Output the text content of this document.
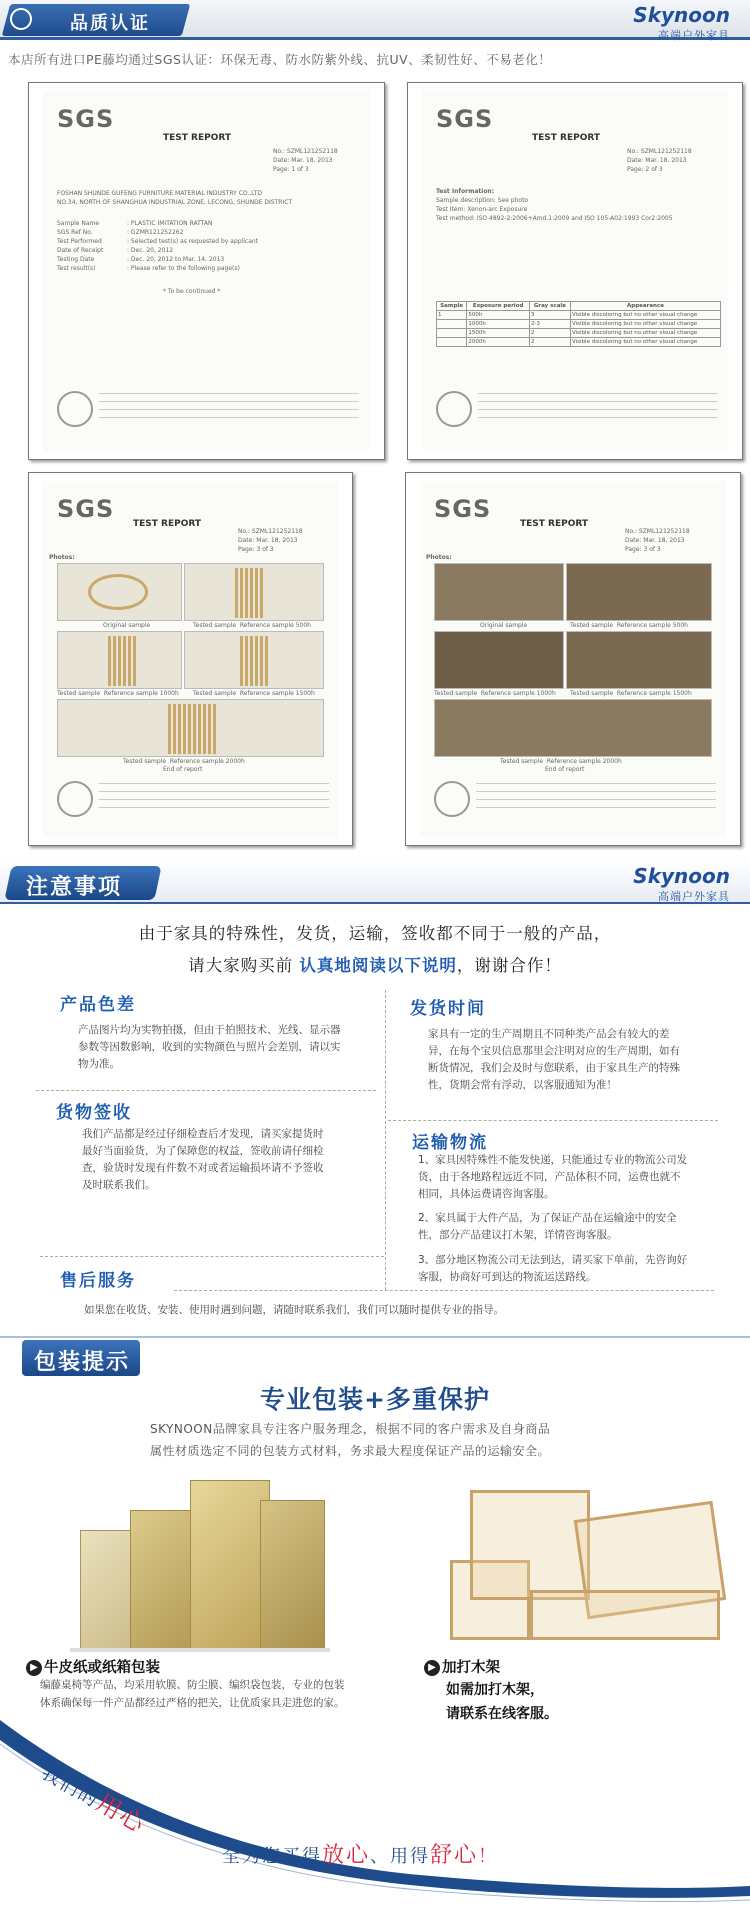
品质认证	Skynoon
高端户外家具
本店所有进口PE藤均通过SGS认证：环保无毒、防水防紫外线、抗UV、柔韧性好、不易老化！
SGS
TEST REPORT
No.: SZML121252118
Date: Mar. 18, 2013
Page: 1 of 3
FOSHAN SHUNDE GUFENG FURNITURE MATERIAL INDUSTRY CO.,LTD
NO.34, NORTH OF SHANGHUA INDUSTRIAL ZONE, LECONG, SHUNDE DISTRICT
Sample Name	: PLASTIC IMITATION RATTAN
SGS Ref No.	: GZMR121252262
Test Performed	: Selected test(s) as requested by applicant
Date of Receipt	: Dec. 20, 2012
Testing Date	: Dec. 20, 2012 to Mar. 14, 2013
Test result(s)	: Please refer to the following page(s)
* To be continued *
SGS
TEST REPORT
No.: SZML121252118
Date: Mar. 18, 2013
Page: 2 of 3
Test Information:
Sample description: See photo
Test Item: Xenon-arc Exposure
Test method: ISO 4892-2:2006+Amd.1:2009 and ISO 105-A02:1993 Cor2:2005
Sample	Exposure period	Gray scale	Appearance
1	500h	3	Visible discoloring but no other visual change
	1000h	2-3	Visible discoloring but no other visual change
	1500h	2	Visible discoloring but no other visual change
	2000h	2	Visible discoloring but no other visual change
SGS
TEST REPORT
No.: SZML121252118
Date: Mar. 18, 2013
Page: 3 of 3
Photos:
Original sample	Tested sample Reference sample 500h
Tested sample Reference sample 1000h Tested sample Reference sample 1500h
Tested sample Reference sample 2000h
End of report
SGS
TEST REPORT
No.: SZML121252118
Date: Mar. 18, 2013
Page: 3 of 3
Photos:
Original sample	Tested sample Reference sample 500h
Tested sample Reference sample 1000h Tested sample Reference sample 1500h
Tested sample Reference sample 2000h
End of report
注意事项	Skynoon
高端户外家具
由于家具的特殊性，发货，运输，签收都不同于一般的产品，
请大家购买前 认真地阅读以下说明，谢谢合作！
产品色差
产品图片均为实物拍摄，但由于拍照技术、光线、显示器参数等因数影响，收到的实物颜色与照片会差别，请以实物为准。
发货时间
家具有一定的生产周期且不同种类产品会有较大的差异，在每个宝贝信息那里会注明对应的生产周期，如有断货情况，我们会及时与您联系，由于家具生产的特殊性，货期会常有浮动，以客服通知为准！
货物签收
我们产品都是经过仔细检查后才发现，请买家提货时最好当面验货，为了保障您的权益，签收前请仔细检查，验货时发现有件数不对或者运输损坏请不予签收及时联系我们。
运输物流
1、家具因特殊性不能发快递，只能通过专业的物流公司发货，由于各地路程远近不同，产品体积不同，运费也就不相同，具体运费请咨询客服。
2、家具属于大件产品，为了保证产品在运输途中的安全性，部分产品建议打木架，详情咨询客服。
3、部分地区物流公司无法到达，请买家下单前，先咨询好客服，协商好可到达的物流运送路线。
售后服务
如果您在收货、安装、使用时遇到问题，请随时联系我们，我们可以随时提供专业的指导。
包装提示
专业包装+多重保护
SKYNOON品牌家具专注客户服务理念，根据不同的客户需求及自身商品
属性材质选定不同的包装方式材料，务求最大程度保证产品的运输安全。
▶ 牛皮纸或纸箱包装
编藤桌椅等产品，均采用软膜、防尘膜、编织袋包装，专业的包装
体系确保每一件产品都经过严格的把关，让优质家具走进您的家。
▶ 加打木架
如需加打木架，
请联系在线客服。
我们的用心
全为您买得放心、用得舒心！
